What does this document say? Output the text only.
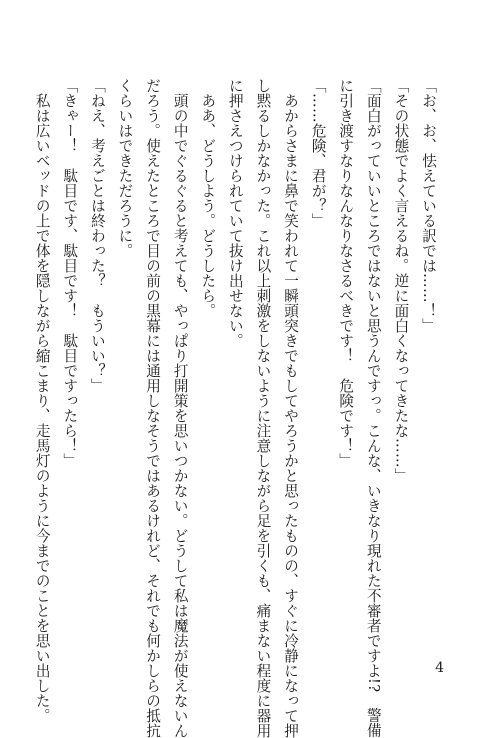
「お、お、怯えている訳では……！」
「その状態でよく言えるね。逆に面白くなってきたな……」
「面白がっていいところではないと思うんですっ。こんな、いきなり現れた不審者ですよ!?　警備
に引き渡すなりなんなりなさるべきです！　危険です！」
「……危険、君が？」
　あからさまに鼻で笑われて一瞬頭突きでもしてやろうかと思ったものの、すぐに冷静になって押
し黙るしかなかった。これ以上刺激をしないように注意しながら足を引くも、痛まない程度に器用
に押さえつけられていて抜け出せない。
　ああ、どうしよう。どうしたら。
　頭の中でぐるぐると考えても、やっぱり打開策を思いつかない。どうして私は魔法が使えないん
だろう。使えたところで目の前の黒幕には通用しなそうではあるけれど、それでも何かしらの抵抗
くらいはできただろうに。
「ねえ、考えごとは終わった？　もういい？」
「きゃー！　駄目です、駄目です！　駄目ですったら！」
　私は広いベッドの上で体を隠しながら縮こまり、走馬灯のように今までのことを思い出した。	4
